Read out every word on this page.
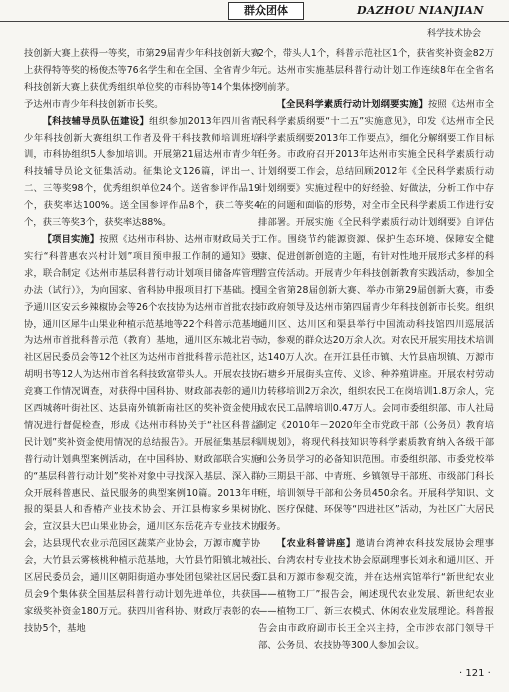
群众团体	DAZHOU NIANJIAN
科学技术协会

技创新大赛上获得一等奖，市第29届青少年科技创新大赛上获得特等奖的杨俊杰等76名学生和在全国、全省青少年科技创新大赛上获优秀组织单位奖的市科协等14个集体授予达州市青少年科技创新市长奖。

【科技辅导员队伍建设】组织参加2013年四川省青少年科技创新大赛组织工作者及骨干科技教师培训班培训，市科协组织5人参加培训。开展第21届达州市青少年科技辅导员论文征集活动。征集论文126篇，评出一、二、三等奖98个，优秀组织单位24个。送省参评作品19个，获奖率达100%。送全国参评作品8个，获二等奖4个，获三等奖3个，获奖率达88%。

【项目实施】按照《达州市科协、达州市财政局关于实行“科普惠农兴村计划”项目预申报工作制的通知》要求，联合制定《达州市基层科普行动计划项目储备库管理办法（试行）》，为向国家、省科协申报项目打下基础。授予通川区安云乡辣椒协会等26个农技协为达州市首批农技协，通川区犀牛山果业种植示范基地等22个科普示范基地为达州市首批科普示范（教育）基地，通川区东城北岩寺社区居民委员会等12个社区为达州市首批科普示范社区，胡明书等12人为达州市首名科技致富带头人。开展农技协竞赛工作情况调查，对获得中国科协、财政部表彰的通川区西城蒋叶街社区、达县南外镇新南社区的奖补资金使用情况进行督促检查，形成《达州市科协关于“社区科普益民计划”奖补资金使用情况的总结报告》。开展征集基层科普行动计划典型案例活动，在中国科协、财政部联合实施的“基层科普行动计划”奖补对象中寻找深入基层、深入群众开展科普惠民、益民服务的典型案例10篇。2013年申报的渠县人和香椿产业技术协会、开江县梅家乡果树协会，宣汉县大巴山果业协会，通川区东岳花卉专业技术协会，达县现代农业示范园区蔬菜产业协会，万源市魔芋协会，大竹县云雾核桃种植示范基地，大竹县竹阳镇北城社区居民委员会，通川区朝阳街道办事处团包梁社区居民委员会9个集体获全国基层科普行动计划先进单位，共获国家级奖补资金180万元。获四川省科协、财政厅表彰的农技协5个，基地

2个，带头人1个，科普示范社区1个，获省奖补资金82万元。达州市实施基层科普行动计划工作连续8年在全省名列前茅。

【全民科学素质行动计划纲要实施】按照《达州市全民科学素质纲要“十二五”实施意见》，印发《达州市全民科学素质纲要2013年工作要点》，细化分解纲要工作目标任务。市政府召开2013年达州市实施全民科学素质行动计划纲要工作会，总结回顾2012年《全民科学素质行动计划纲要》实施过程中的好经验、好做法，分析工作中存在的问题和面临的形势，对全市全民科学素质工作进行安排部署。开展实施《全民科学素质行动计划纲要》自评估工作。围绕节约能源资源、保护生态环境、保障安全健康、促进创新创造的主题，有针对性地开展形式多样的科普宣传活动。开展青少年科技创新教育实践活动，参加全国全省第28届创新大赛、举办市第29届创新大赛，市委市政府领导及达州市第四届青少年科技创新市长奖。组织通川区、达川区和渠县举行中国流动科技馆四川巡展活动，参观的群众达20万余人次。对农民开展实用技术培训达140万人次。在开江县任市镇、大竹县庙坝镇、万源市石塘乡开展街头宣传、义诊、种养殖讲座。开展农村劳动力转移培训2万余次，组织农民工在岗培训1.8万余人，完成农民工品牌培训0.47万人。会同市委组织部、市人社局制定《2010年－2020年全市党政干部（公务员）教育培训规划》，将现代科技知识等科学素质教育纳入各级干部和公务员学习的必备知识范围。市委组织部、市委党校举办三期县干部、中青班、乡镇领导干部班、市级部门科长班，培训领导干部和公务员450余名。开展科学知识、文化、医疗保健、环保等“四进社区”活动，为社区广大居民服务。

【农业科普讲座】邀请台湾神农科技发展协会理事长、台湾农村专业技术协会原副理事长刘永和通川区、开江县和万源市参观交流，并在达州宾馆举行“新世纪农业——植物工厂”报告会，阐述现代农业发展、新世纪农业——植物工厂、新三农模式、休闲农业发展理论。科普报告会由市政府副市长王全兴主持，全市涉农部门领导干部、公务员、农技协等300人参加会议。

· 121 ·
